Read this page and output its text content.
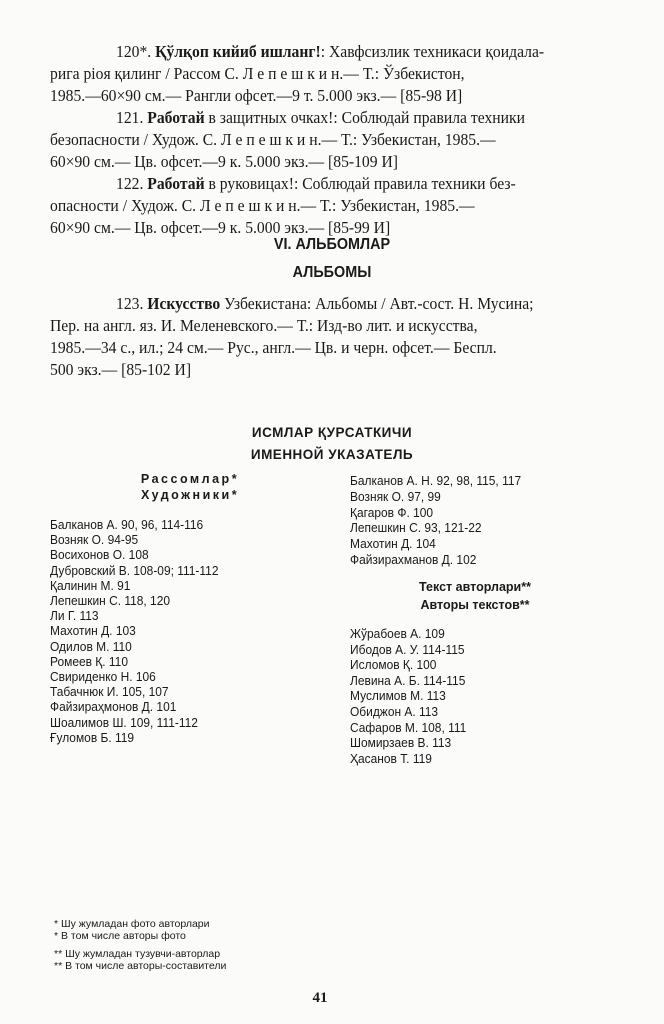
120*. Қўлқоп кийиб ишланг!: Хавфсизлик техникаси қоидала-
рига рioя қилинг / Рассом С. Л е п е ш к и н.— Т.: Ўзбекистон,
1985.—60×90 см.— Рангли офсет.—9 т. 5.000 экз.— [85-98 И]
121. Работай в защитных очках!: Соблюдай правила техники
безопасности / Худож. С. Л е п е ш к и н.— Т.: Узбекистан, 1985.—
60×90 см.— Цв. офсет.—9 к. 5.000 экз.— [85-109 И]
122. Работай в руковицах!: Соблюдай правила техники без-
опасности / Худож. С. Л е п е ш к и н.— Т.: Узбекистан, 1985.—
60×90 см.— Цв. офсет.—9 к. 5.000 экз.— [85-99 И]
VI. АЛЬБОМЛАР
АЛЬБОМЫ
123. Искусство Узбекистана: Альбомы / Авт.-сост. Н. Мусина;
Пер. на англ. яз. И. Меленевского.— Т.: Изд-во лит. и искусства,
1985.—34 с., ил.; 24 см.— Рус., англ.— Цв. и черн. офсет.— Беспл.
500 экз.— [85-102 И]
ИСМЛАР ҚУРСАТКИЧИ
ИМЕННОЙ УКАЗАТЕЛЬ
Рассомлар*
Художники*
Балканов А. 90, 96, 114-116
Возняк О. 94-95
Восихонов О. 108
Дубровский В. 108-09; 111-112
Қалинин М. 91
Лепешкин С. 118, 120
Ли Г. 113
Махотин Д. 103
Одилов М. 110
Ромеев Қ. 110
Свириденко Н. 106
Табачнюк И. 105, 107
Файзираҳмонов Д. 101
Шоалимов Ш. 109, 111-112
Ғуломов Б. 119
Балканов А. Н. 92, 98, 115, 117
Возняк О. 97, 99
Қагаров Ф. 100
Лепешкин С. 93, 121-22
Махотин Д. 104
Файзирахманов Д. 102
Текст авторлари**
Авторы текстов**
Жўрабоев А. 109
Ибодов А. У. 114-115
Исломов Қ. 100
Левина А. Б. 114-115
Муслимов М. 113
Обиджон А. 113
Сафаров М. 108, 111
Шомирзаев В. 113
Ҳасанов Т. 119
* Шу жумладан фото авторлари
* В том числе авторы фото
** Шу жумладан тузувчи-авторлар
** В том числе авторы-составители
41
